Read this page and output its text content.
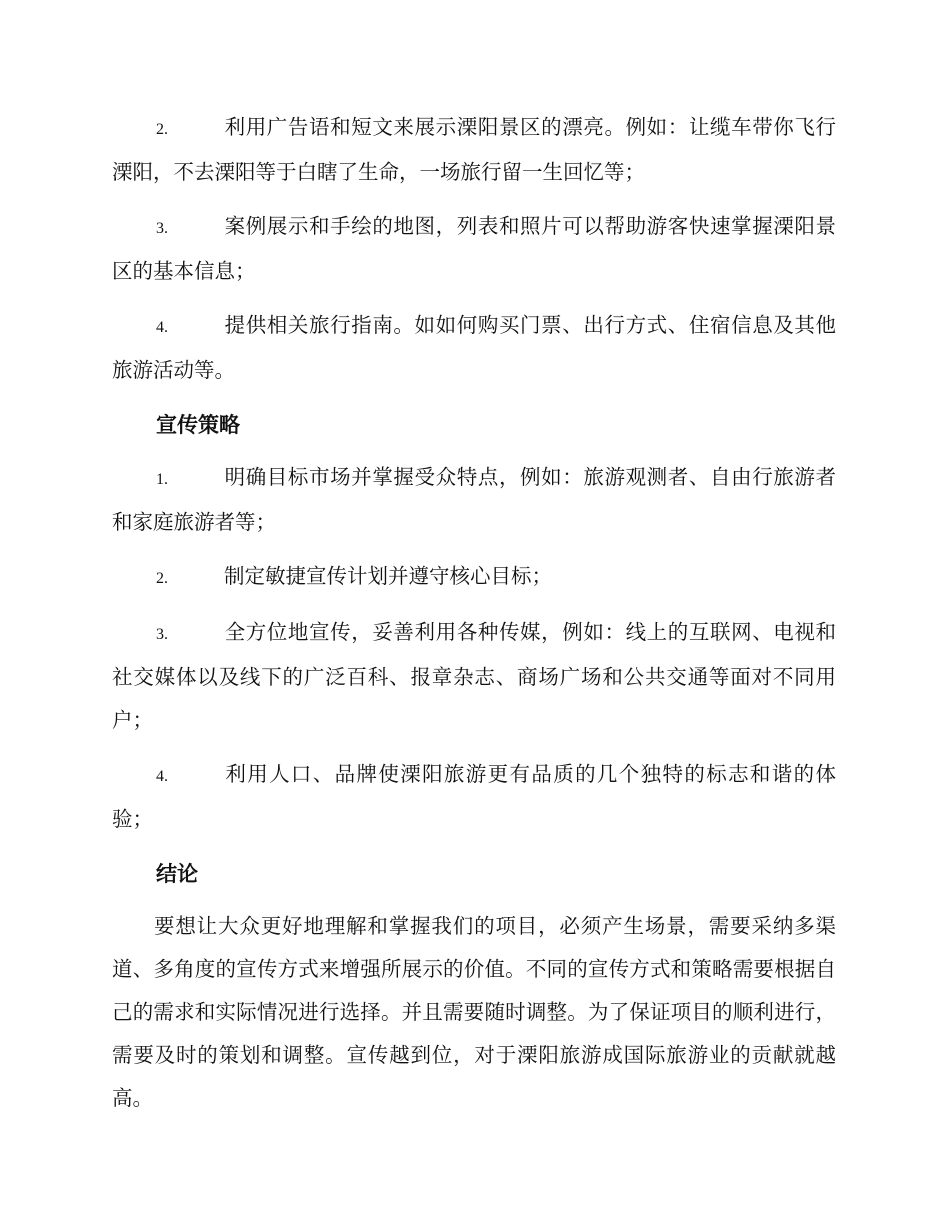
2.	利用广告语和短文来展示溧阳景区的漂亮。例如：让缆车带你飞行溧阳，不去溧阳等于白瞎了生命，一场旅行留一生回忆等；
3.	案例展示和手绘的地图，列表和照片可以帮助游客快速掌握溧阳景区的基本信息；
4.	提供相关旅行指南。如如何购买门票、出行方式、住宿信息及其他旅游活动等。
宣传策略
1.	明确目标市场并掌握受众特点，例如：旅游观测者、自由行旅游者和家庭旅游者等；
2.	制定敏捷宣传计划并遵守核心目标；
3.	全方位地宣传，妥善利用各种传媒，例如：线上的互联网、电视和社交媒体以及线下的广泛百科、报章杂志、商场广场和公共交通等面对不同用户；
4.	利用人口、品牌使溧阳旅游更有品质的几个独特的标志和谐的体验；
结论

要想让大众更好地理解和掌握我们的项目，必须产生场景，需要采纳多渠道、多角度的宣传方式来增强所展示的价值。不同的宣传方式和策略需要根据自己的需求和实际情况进行选择。并且需要随时调整。为了保证项目的顺利进行，需要及时的策划和调整。宣传越到位，对于溧阳旅游成国际旅游业的贡献就越高。
